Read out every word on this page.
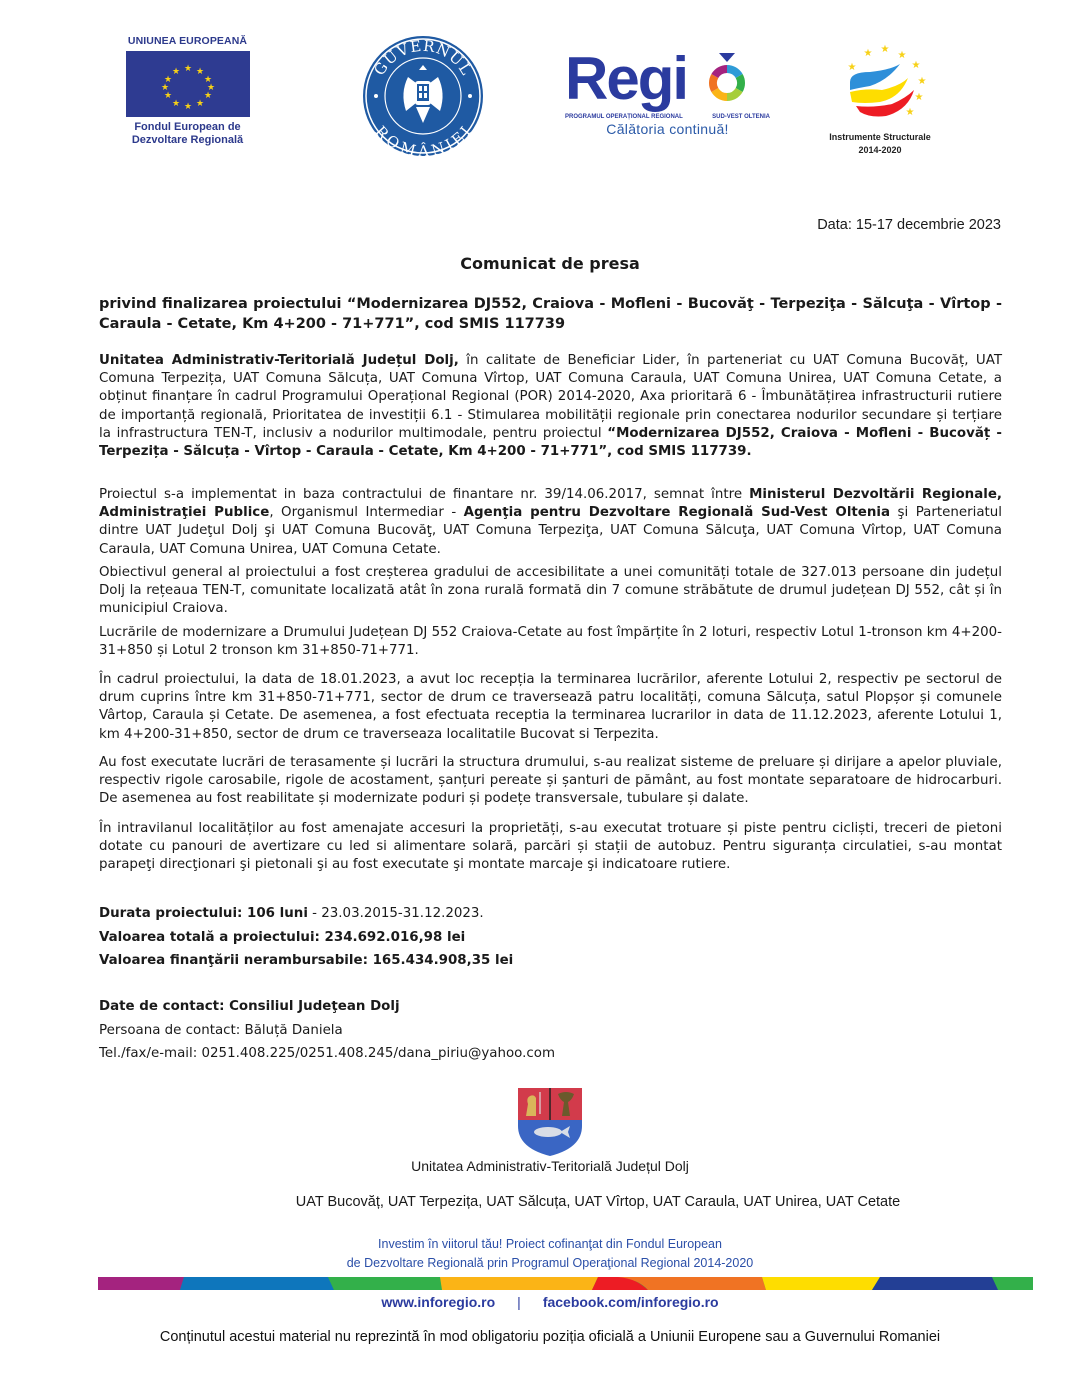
UNIUNEA EUROPEANĂ
★ ★
★
★
★
★
★
★
★
★
★
★
Fondul European de
Dezvoltare Regională
GUVERNUL
ROMÂNIEI
Regi
PROGRAMUL OPERAȚIONAL REGIONAL	SUD-VEST OLTENIA
Călătoria continuă!
★
★ ★
★
★
★
★
★
Instrumente Structurale
2014-2020
Data: 15-17 decembrie 2023
Comunicat de presa
privind finalizarea proiectului “Modernizarea DJ552, Craiova - Mofleni - Bucovăţ - Terpeziţa - Sălcuţa - Vîrtop - Caraula - Cetate, Km 4+200 - 71+771”, cod SMIS 117739
Unitatea Administrativ-Teritorială Județul Dolj, în calitate de Beneficiar Lider, în parteneriat cu UAT Comuna Bucovăț, UAT Comuna Terpezița, UAT Comuna Sălcuța, UAT Comuna Vîrtop, UAT Comuna Caraula, UAT Comuna Unirea, UAT Comuna Cetate, a obținut finanțare în cadrul Programului Operațional Regional (POR) 2014-2020, Axa prioritară 6 - Îmbunătățirea infrastructurii rutiere de importanță regională, Prioritatea de investiții 6.1 - Stimularea mobilității regionale prin conectarea nodurilor secundare și terțiare la infrastructura TEN-T, inclusiv a nodurilor multimodale, pentru proiectul “Modernizarea DJ552, Craiova - Mofleni - Bucovăț - Terpezița - Sălcuța - Vîrtop - Caraula - Cetate, Km 4+200 - 71+771”, cod SMIS 117739.
Proiectul s-a implementat in baza contractului de finantare nr. 39/14.06.2017, semnat între Ministerul Dezvoltării Regionale, Administraţiei Publice, Organismul Intermediar - Agenţia pentru Dezvoltare Regională Sud-Vest Oltenia şi Parteneriatul dintre UAT Judeţul Dolj şi UAT Comuna Bucovăţ, UAT Comuna Terpeziţa, UAT Comuna Sălcuţa, UAT Comuna Vîrtop, UAT Comuna Caraula, UAT Comuna Unirea, UAT Comuna Cetate.
Obiectivul general al proiectului a fost creșterea gradului de accesibilitate a unei comunități totale de 327.013 persoane din județul Dolj la rețeaua TEN-T, comunitate localizată atât în zona rurală formată din 7 comune străbătute de drumul județean DJ 552, cât și în municipiul Craiova.
Lucrările de modernizare a Drumului Județean DJ 552 Craiova-Cetate au fost împărțite în 2 loturi, respectiv Lotul 1-tronson km 4+200-31+850 și Lotul 2 tronson km 31+850-71+771.
În cadrul proiectului, la data de 18.01.2023, a avut loc recepția la terminarea lucrărilor, aferente Lotului 2, respectiv pe sectorul de drum cuprins între km 31+850-71+771, sector de drum ce traversează patru localități, comuna Sălcuța, satul Plopșor și comunele Vârtop, Caraula și Cetate. De asemenea, a fost efectuata receptia la terminarea lucrarilor in data de 11.12.2023, aferente Lotului 1, km 4+200-31+850, sector de drum ce traverseaza localitatile Bucovat si Terpezita.
Au fost executate lucrări de terasamente și lucrări la structura drumului, s-au realizat sisteme de preluare și dirijare a apelor pluviale, respectiv rigole carosabile, rigole de acostament, șanțuri pereate și șanturi de pământ, au fost montate separatoare de hidrocarburi. De asemenea au fost reabilitate și modernizate poduri și podețe transversale, tubulare și dalate.
În intravilanul localităților au fost amenajate accesuri la proprietăți, s-au executat trotuare și piste pentru cicliști, treceri de pietoni dotate cu panouri de avertizare cu led si alimentare solară, parcări și stații de autobuz. Pentru siguranța circulatiei, s-au montat parapeţi direcţionari şi pietonali şi au fost executate şi montate marcaje şi indicatoare rutiere.
Durata proiectului: 106 luni - 23.03.2015-31.12.2023.
Valoarea totală a proiectului: 234.692.016,98 lei
Valoarea finanţării nerambursabile: 165.434.908,35 lei
Date de contact: Consiliul Judeţean Dolj
Persoana de contact: Băluță Daniela
Tel./fax/e-mail: 0251.408.225/0251.408.245/dana_piriu@yahoo.com
Unitatea Administrativ-Teritorială Județul Dolj
UAT Bucovăț, UAT Terpezița, UAT Sălcuța, UAT Vîrtop, UAT Caraula, UAT Unirea, UAT Cetate
Investim în viitorul tău! Proiect cofinanţat din Fondul European
de Dezvoltare Regională prin Programul Operaţional Regional 2014-2020
www.inforegio.ro | facebook.com/inforegio.ro
Conținutul acestui material nu reprezintă în mod obligatoriu poziția oficială a Uniunii Europene sau a Guvernului Romaniei
